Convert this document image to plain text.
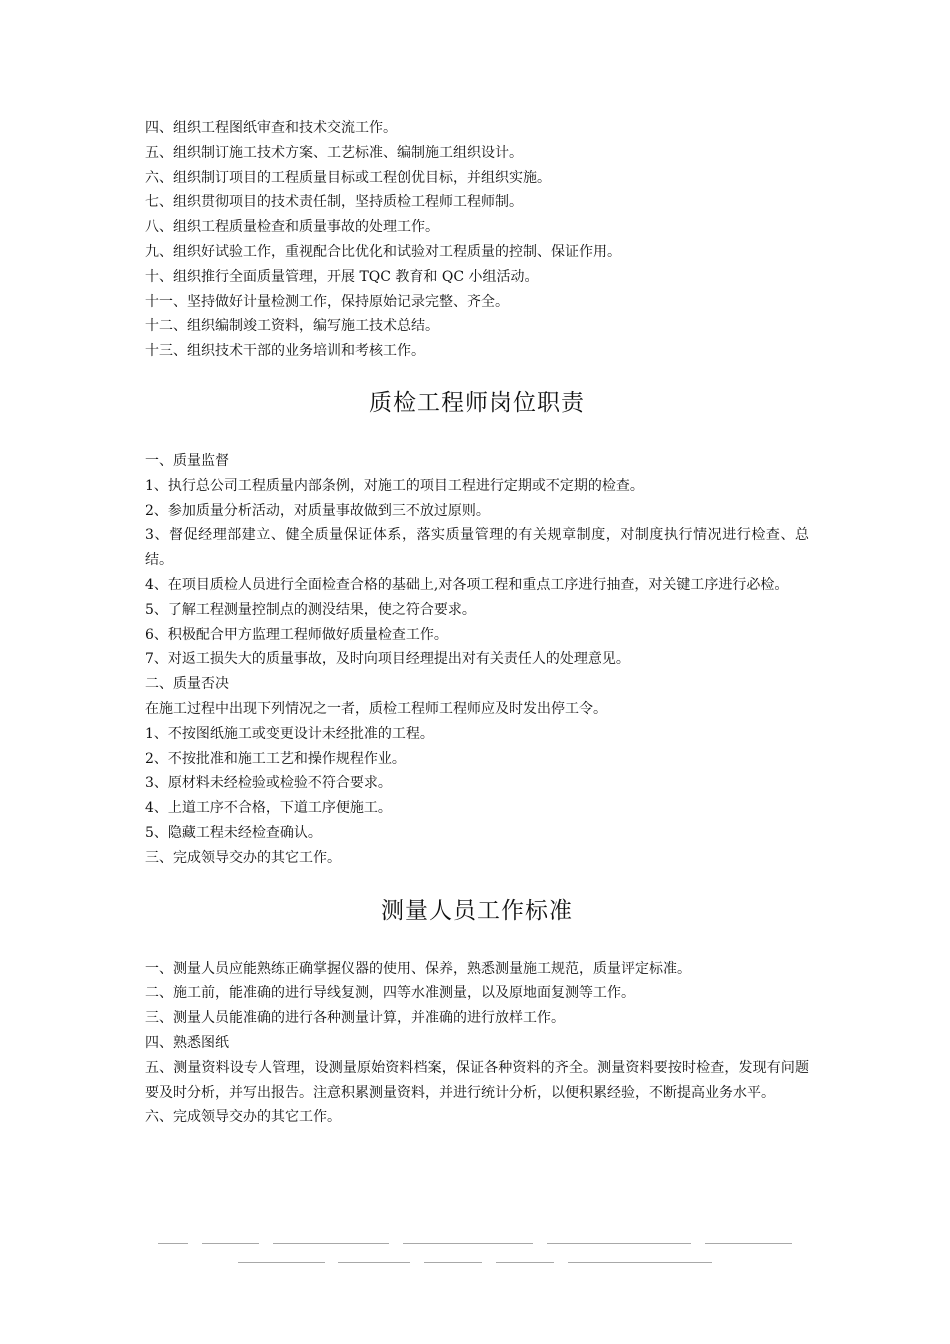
四、组织工程图纸审查和技术交流工作。
五、组织制订施工技术方案、工艺标准、编制施工组织设计。
六、组织制订项目的工程质量目标或工程创优目标，并组织实施。
七、组织贯彻项目的技术责任制，坚持质检工程师工程师制。
八、组织工程质量检查和质量事故的处理工作。
九、组织好试验工作，重视配合比优化和试验对工程质量的控制、保证作用。
十、组织推行全面质量管理，开展 TQC 教育和 QC 小组活动。
十一、坚持做好计量检测工作，保持原始记录完整、齐全。
十二、组织编制竣工资料，编写施工技术总结。
十三、组织技术干部的业务培训和考核工作。
质检工程师岗位职责
一、质量监督
1、执行总公司工程质量内部条例，对施工的项目工程进行定期或不定期的检查。
2、参加质量分析活动，对质量事故做到三不放过原则。
3、督促经理部建立、健全质量保证体系，落实质量管理的有关规章制度，对制度执行情况进行检查、总结。
4、在项目质检人员进行全面检查合格的基础上,对各项工程和重点工序进行抽查，对关键工序进行必检。
5、了解工程测量控制点的测没结果，使之符合要求。
6、积极配合甲方监理工程师做好质量检查工作。
7、对返工损失大的质量事故，及时向项目经理提出对有关责任人的处理意见。
二、质量否决
在施工过程中出现下列情况之一者，质检工程师工程师应及时发出停工令。
1、不按图纸施工或变更设计未经批准的工程。
2、不按批准和施工工艺和操作规程作业。
3、原材料未经检验或检验不符合要求。
4、上道工序不合格，下道工序便施工。
5、隐藏工程未经检查确认。
三、完成领导交办的其它工作。
测量人员工作标准
一、测量人员应能熟练正确掌握仪器的使用、保养，熟悉测量施工规范，质量评定标准。
二、施工前，能准确的进行导线复测，四等水准测量，以及原地面复测等工作。
三、测量人员能准确的进行各种测量计算，并准确的进行放样工作。
四、熟悉图纸
五、测量资料设专人管理，设测量原始资料档案，保证各种资料的齐全。测量资料要按时检查，发现有问题要及时分析，并写出报告。注意积累测量资料，并进行统计分析，以便积累经验，不断提高业务水平。
六、完成领导交办的其它工作。
